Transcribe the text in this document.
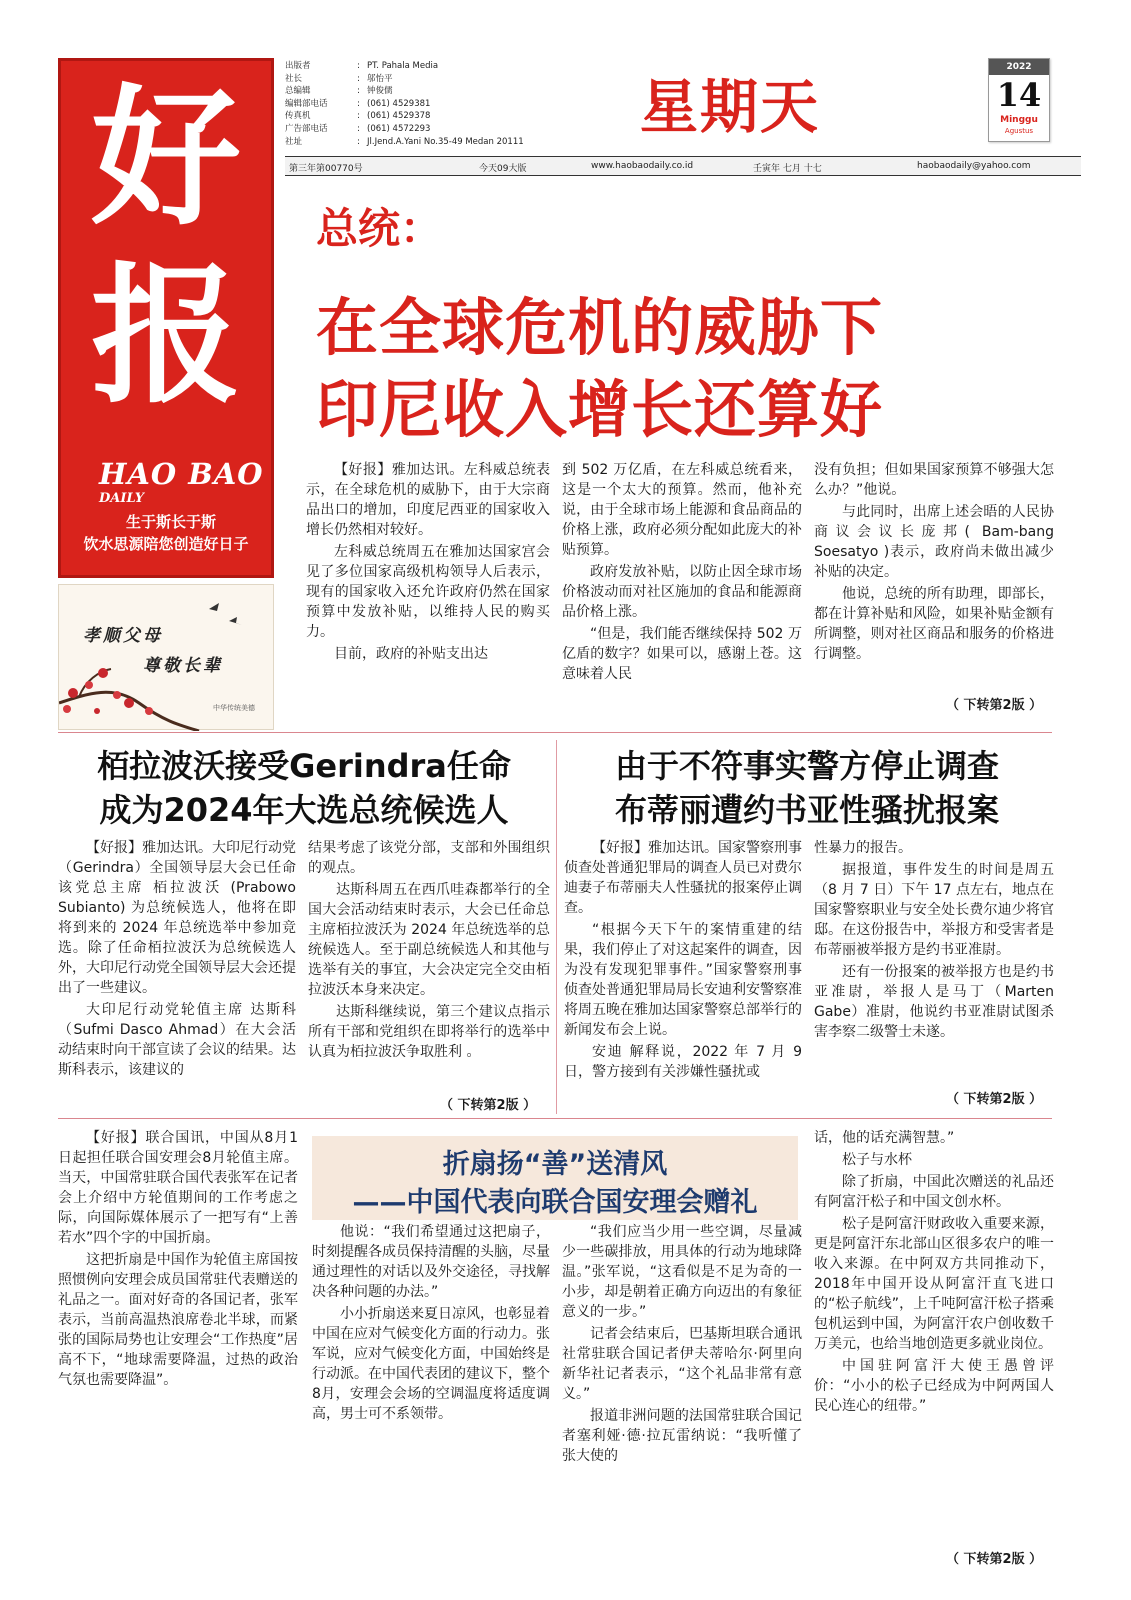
好
报
HAO BAO
DAILY
生于斯长于斯
饮水思源陪您创造好日子
孝顺父母
尊敬长辈
中华传统美德
出版者	: PT. Pahala Media
社长	: 邬怡平
总编辑	: 钟俊儒
编辑部电话	: (061) 4529381
传真机	: (061) 4529378
广告部电话	: (061) 4572293
社址	: Jl.Jend.A.Yani No.35-49 Medan 20111
星期天
2022
14
Minggu
Agustus
第三年第00770号	今天09大版	www.haobaodaily.co.id	壬寅年 七月 十七	haobaodaily@yahoo.com
总统：
在全球危机的威胁下
印尼收入增长还算好

【好报】雅加达讯。左科威总统表示，在全球危机的威胁下，由于大宗商品出口的增加，印度尼西亚的国家收入增长仍然相对较好。

左科威总统周五在雅加达国家宫会见了多位国家高级机构领导人后表示，现有的国家收入还允许政府仍然在国家预算中发放补贴，以维持人民的购买力。

目前，政府的补贴支出达

到 502 万亿盾，在左科威总统看来，这是一个太大的预算。然而，他补充说，由于全球市场上能源和食品商品的价格上涨，政府必须分配如此庞大的补贴预算。

政府发放补贴，以防止因全球市场价格波动而对社区施加的食品和能源商品价格上涨。

“但是，我们能否继续保持 502 万亿盾的数字？如果可以，感谢上苍。这意味着人民

没有负担；但如果国家预算不够强大怎么办？”他说。

与此同时，出席上述会晤的人民协商议会议长庞邦( Bam-bang Soesatyo )表示，政府尚未做出减少补贴的决定。

他说，总统的所有助理，即部长，都在计算补贴和风险，如果补贴金额有所调整，则对社区商品和服务的价格进行调整。

（ 下转第2版 ）
栢拉波沃接受Gerindra任命
成为2024年大选总统候选人

【好报】雅加达讯。大印尼行动党（Gerindra）全国领导层大会已任命该党总主席 栢拉波沃 (Prabowo Subianto) 为总统候选人，他将在即将到来的 2024 年总统选举中参加竞选。除了任命栢拉波沃为总统候选人外，大印尼行动党全国领导层大会还提出了一些建议。

大印尼行动党轮值主席 达斯科（Sufmi Dasco Ahmad）在大会活动结束时向干部宣读了会议的结果。达斯科表示，该建议的

结果考虑了该党分部，支部和外围组织的观点。

达斯科周五在西爪哇森都举行的全国大会活动结束时表示，大会已任命总主席栢拉波沃为 2024 年总统选举的总统候选人。至于副总统候选人和其他与选举有关的事宜，大会决定完全交由栢拉波沃本身来决定。

达斯科继续说，第三个建议点指示所有干部和党组织在即将举行的选举中认真为栢拉波沃争取胜利 。

（ 下转第2版 ）
由于不符事实警方停止调查
布蒂丽遭约书亚性骚扰报案

【好报】雅加达讯。国家警察刑事侦查处普通犯罪局的调查人员已对费尔迪妻子布蒂丽夫人性骚扰的报案停止调查。

“根据今天下午的案情重建的结果，我们停止了对这起案件的调查，因为没有发现犯罪事件。”国家警察刑事侦查处普通犯罪局局长安迪利安警察准将周五晚在雅加达国家警察总部举行的新闻发布会上说。

安迪 解释说，2022 年 7 月 9 日，警方接到有关涉嫌性骚扰或

性暴力的报告。

据报道，事件发生的时间是周五（8 月 7 日）下午 17 点左右，地点在国家警察职业与安全处长费尔迪少将官邸。在这份报告中，举报方和受害者是布蒂丽被举报方是约书亚准尉。

还有一份报案的被举报方也是约书亚准尉，举报人是马丁（Marten Gabe）准尉，他说约书亚准尉试图杀害李察二级警士未遂。

（ 下转第2版 ）
折扇扬“善”送清风
——中国代表向联合国安理会赠礼

【好报】联合国讯，中国从8月1日起担任联合国安理会8月轮值主席。当天，中国常驻联合国代表张军在记者会上介绍中方轮值期间的工作考虑之际，向国际媒体展示了一把写有“上善若水”四个字的中国折扇。

这把折扇是中国作为轮值主席国按照惯例向安理会成员国常驻代表赠送的礼品之一。面对好奇的各国记者，张军表示，当前高温热浪席卷北半球，而紧张的国际局势也让安理会“工作热度”居高不下，“地球需要降温，过热的政治气氛也需要降温”。

他说：“我们希望通过这把扇子，时刻提醒各成员保持清醒的头脑，尽量通过理性的对话以及外交途径，寻找解决各种问题的办法。”

小小折扇送来夏日凉风，也彰显着中国在应对气候变化方面的行动力。张军说，应对气候变化方面，中国始终是行动派。在中国代表团的建议下，整个8月，安理会会场的空调温度将适度调高，男士可不系领带。

“我们应当少用一些空调，尽量减少一些碳排放，用具体的行动为地球降温。”张军说，“这看似是不足为奇的一小步，却是朝着正确方向迈出的有象征意义的一步。”

记者会结束后，巴基斯坦联合通讯社常驻联合国记者伊夫蒂哈尔·阿里向新华社记者表示，“这个礼品非常有意义。”

报道非洲问题的法国常驻联合国记者塞利娅·德·拉瓦雷纳说：“我听懂了张大使的

话，他的话充满智慧。”

松子与水杯

除了折扇，中国此次赠送的礼品还有阿富汗松子和中国文创水杯。

松子是阿富汗财政收入重要来源，更是阿富汗东北部山区很多农户的唯一收入来源。在中阿双方共同推动下，2018年中国开设从阿富汗直飞进口的“松子航线”，上千吨阿富汗松子搭乘包机运到中国，为阿富汗农户创收数千万美元，也给当地创造更多就业岗位。

中国驻阿富汗大使王愚曾评价：“小小的松子已经成为中阿两国人民心连心的纽带。”

（ 下转第2版 ）
